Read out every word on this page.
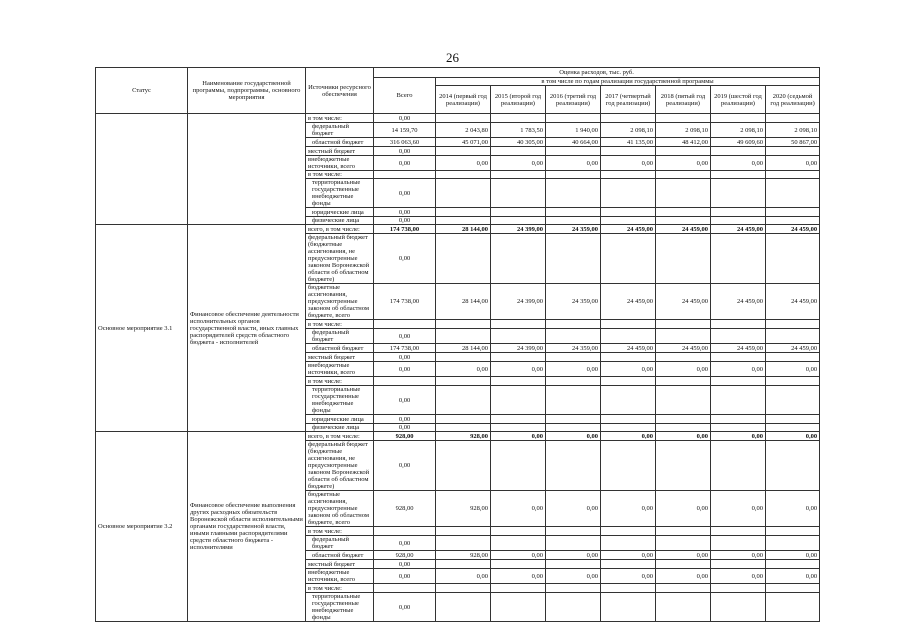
26
Статус	Наименование государственной программы, подпрограммы, основного мероприятия	Источники ресурсного обеспечения	Оценка расходов, тыс. руб.							
			Всего	в том числе по годам реализации государственной программы						
				2014 (первый год реализации)	2015 (второй год реализации)	2016 (третий год реализации)	2017 (четвертый год реализации)	2018 (пятый год реализации)	2019 (шестой год реализации)	2020 (седьмой год реализации)
		в том числе:	0,00							
		федеральный бюджет	14 159,70	2 043,80	1 783,50	1 940,00	2 098,10	2 098,10	2 098,10	2 098,10
		областной бюджет	316 063,60	45 071,00	40 305,00	40 664,00	41 135,00	48 412,00	49 609,60	50 867,00
		местный бюджет	0,00							
		внебюджетные источники, всего	0,00	0,00	0,00	0,00	0,00	0,00	0,00	0,00
		в том числе:								
		территориальные государственные внебюджетные фонды	0,00							
		юридические лица	0,00							
		физические лица	0,00							
Основное мероприятие 3.1	Финансовое обеспечение деятельности исполнительных органов государственной власти, иных главных распорядителей средств областного бюджета - исполнителей	всего, в том числе:	174 738,00	28 144,00	24 399,00	24 359,00	24 459,00	24 459,00	24 459,00	24 459,00
		федеральный бюджет (бюджетные ассигнования, не предусмотренные законом Воронежской области об областном бюджете)	0,00							
		бюджетные ассигнования, предусмотренные законом об областном бюджете, всего	174 738,00	28 144,00	24 399,00	24 359,00	24 459,00	24 459,00	24 459,00	24 459,00
		в том числе:								
		федеральный бюджет	0,00							
		областной бюджет	174 738,00	28 144,00	24 399,00	24 359,00	24 459,00	24 459,00	24 459,00	24 459,00
		местный бюджет	0,00							
		внебюджетные источники, всего	0,00	0,00	0,00	0,00	0,00	0,00	0,00	0,00
		в том числе:								
		территориальные государственные внебюджетные фонды	0,00							
		юридические лица	0,00							
		физические лица	0,00							
Основное мероприятие 3.2	Финансовое обеспечение выполнения других расходных обязательств Воронежской области исполнительными органами государственной власти, иными главными распорядителями средств областного бюджета - исполнителями	всего, в том числе:	928,00	928,00	0,00	0,00	0,00	0,00	0,00	0,00
		федеральный бюджет (бюджетные ассигнования, не предусмотренные законом Воронежской области об областном бюджете)	0,00							
		бюджетные ассигнования, предусмотренные законом об областном бюджете, всего	928,00	928,00	0,00	0,00	0,00	0,00	0,00	0,00
		в том числе:								
		федеральный бюджет	0,00							
		областной бюджет	928,00	928,00	0,00	0,00	0,00	0,00	0,00	0,00
		местный бюджет	0,00							
		внебюджетные источники, всего	0,00	0,00	0,00	0,00	0,00	0,00	0,00	0,00
		в том числе:								
		территориальные государственные внебюджетные фонды	0,00							
